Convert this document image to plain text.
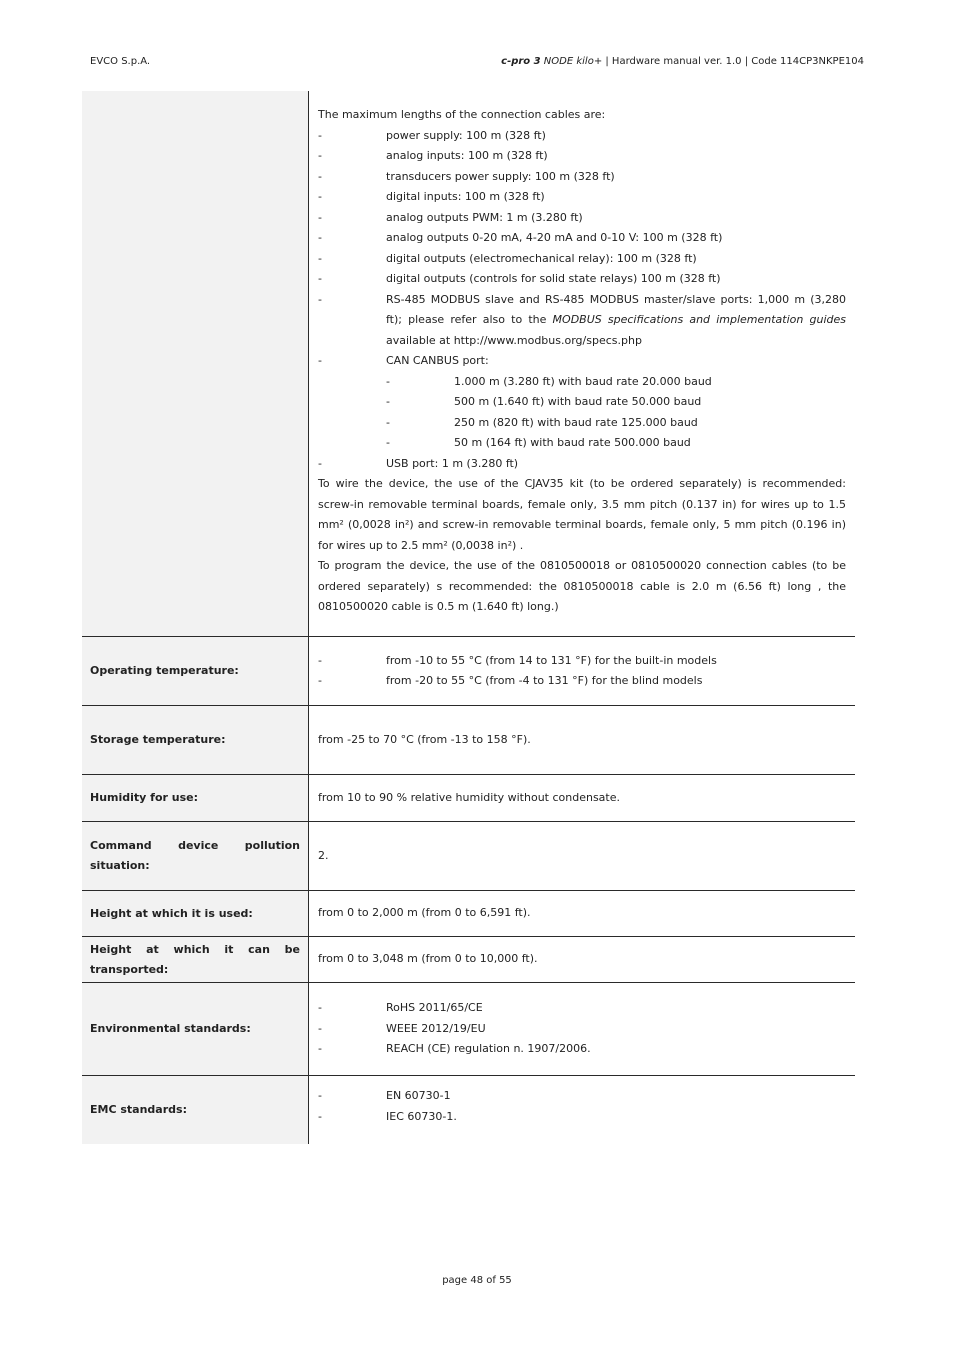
EVCO S.p.A.	c-pro 3 NODE kilo+ | Hardware manual ver. 1.0 | Code 114CP3NKPE104

The maximum lengths of the connection cables are:

-	power supply: 100 m (328 ft)
-	analog inputs: 100 m (328 ft)
-	transducers power supply: 100 m (328 ft)
-	digital inputs: 100 m (328 ft)
-	analog outputs PWM: 1 m (3.280 ft)
-	analog outputs 0-20 mA, 4-20 mA and 0-10 V: 100 m (328 ft)
-	digital outputs (electromechanical relay): 100 m (328 ft)
-	digital outputs (controls for solid state relays) 100 m (328 ft)
-	RS-485 MODBUS slave and RS-485 MODBUS master/slave ports: 1,000 m (3,280 ft); please refer also to the MODBUS specifications and implementation guides available at http://www.modbus.org/specs.php
-	CAN CANBUS port:
-	1.000 m (3.280 ft) with baud rate 20.000 baud
-	500 m (1.640 ft) with baud rate 50.000 baud
-	250 m (820 ft) with baud rate 125.000 baud
-	50 m (164 ft) with baud rate 500.000 baud
-	USB port: 1 m (3.280 ft)

To wire the device, the use of the CJAV35 kit (to be ordered separately) is recommended: screw-in removable terminal boards, female only, 3.5 mm pitch (0.137 in) for wires up to 1.5 mm² (0,0028 in²) and screw-in removable terminal boards, female only, 5 mm pitch (0.196 in) for wires up to 2.5 mm² (0,0038 in²) .

To program the device, the use of the 0810500018 or 0810500020 connection cables (to be ordered separately) s recommended: the 0810500018 cable is 2.0 m (6.56 ft) long , the 0810500020 cable is 0.5 m (1.640 ft) long.)

Operating temperature:
-	from -10 to 55 °C (from 14 to 131 °F) for the built-in models
-	from -20 to 55 °C (from -4 to 131 °F) for the blind models
Storage temperature:	from -25 to 70 °C (from -13 to 158 °F).

Humidity for use:	from 10 to 90 % relative humidity without condensate.

Command device pollution situation:

2.

Height at which it is used:	from 0 to 2,000 m (from 0 to 6,591 ft).

Height at which it can be transported:

from 0 to 3,048 m (from 0 to 10,000 ft).

Environmental standards:
-	RoHS 2011/65/CE
-	WEEE 2012/19/EU
-	REACH (CE) regulation n. 1907/2006.
EMC standards:
-	EN 60730-1
-	IEC 60730-1.
page 48 of 55
